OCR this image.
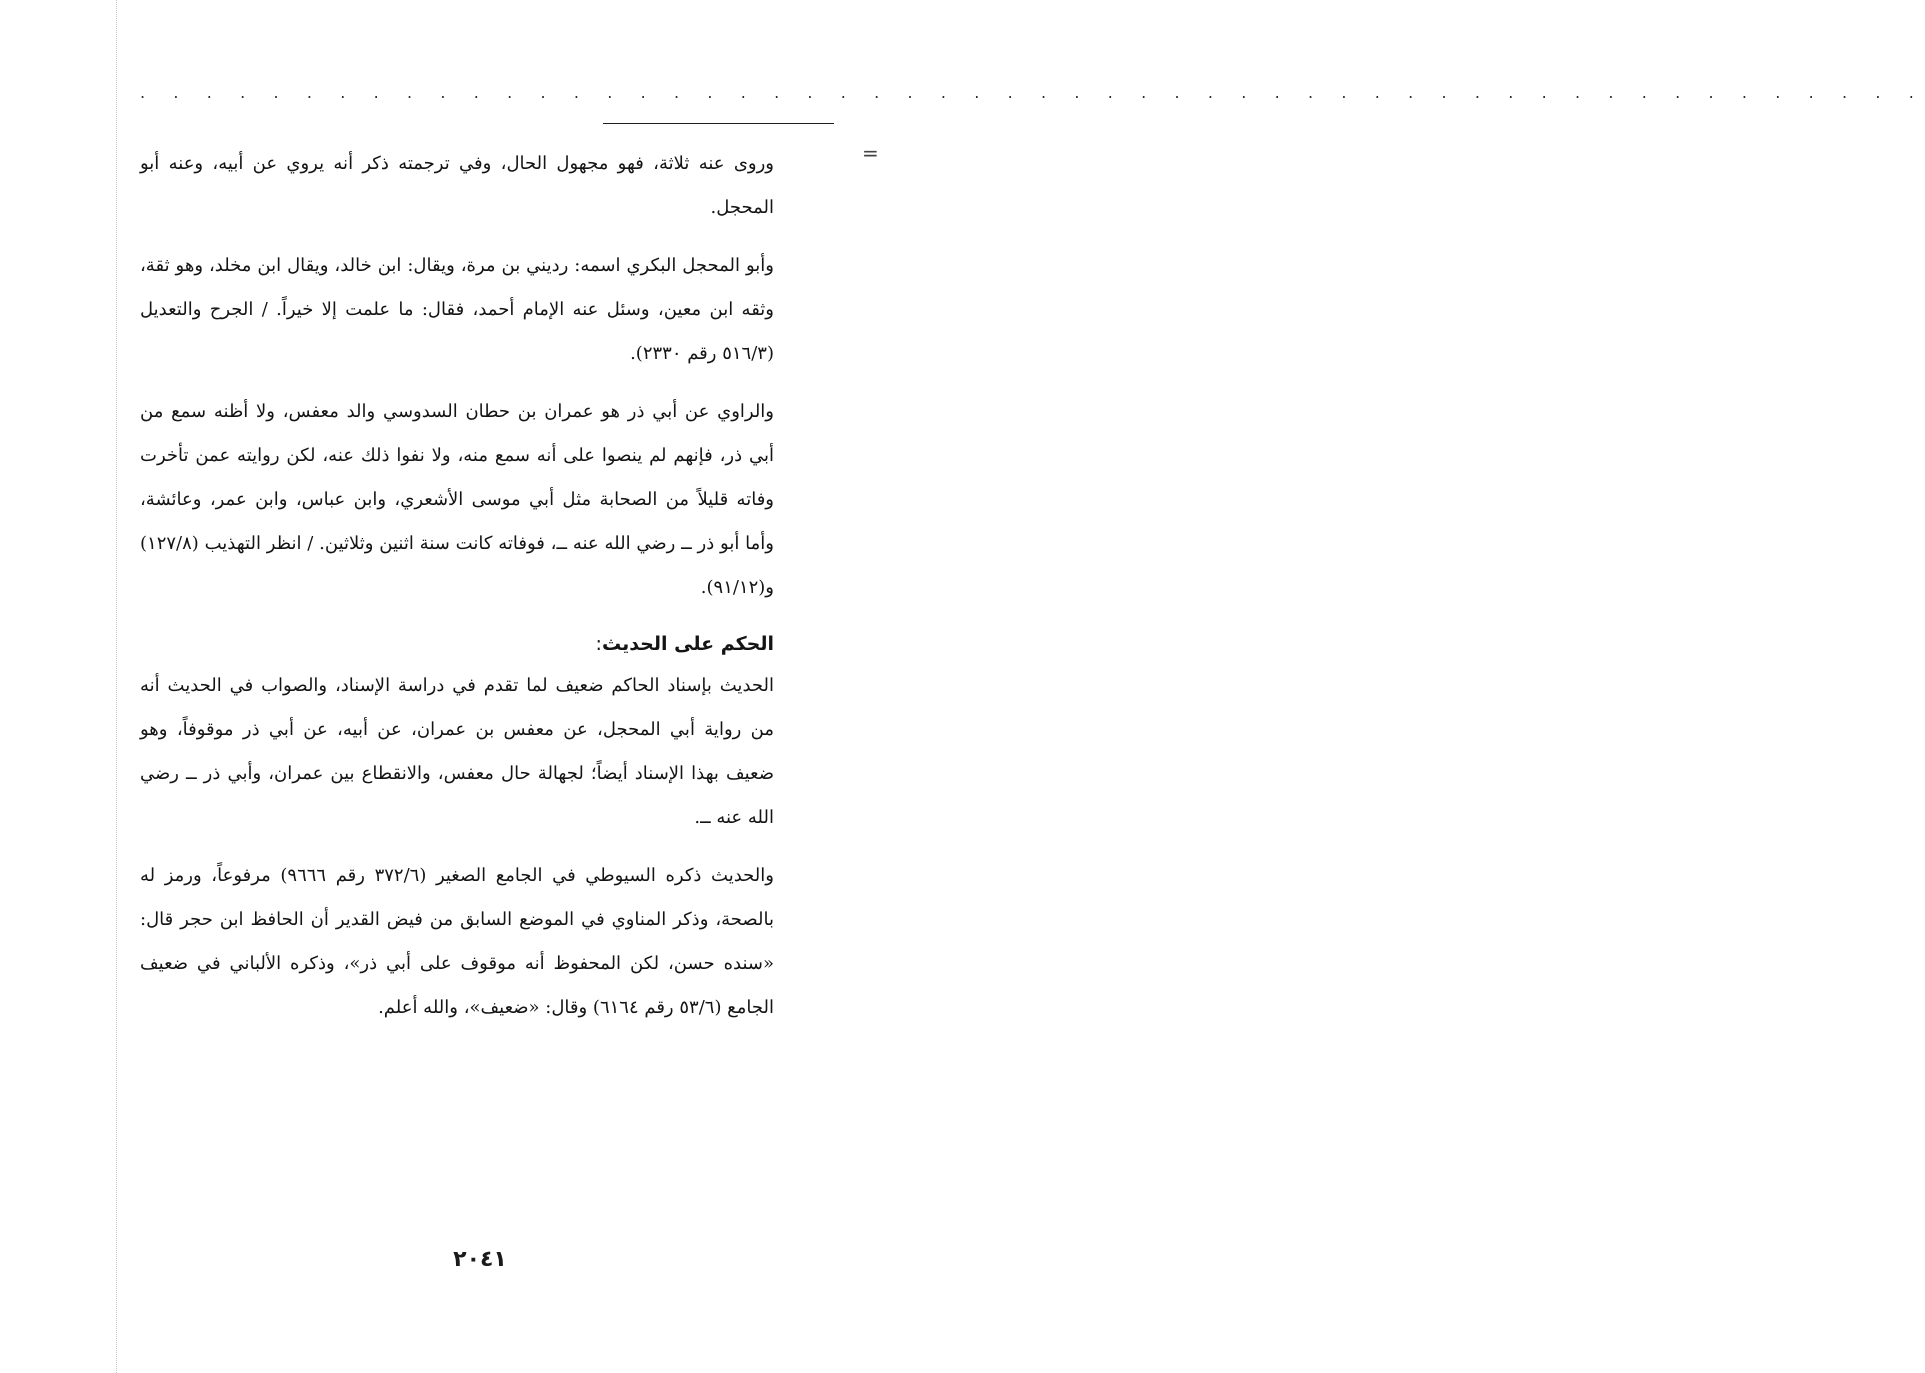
. . . . . . . . . . . . . . . . . . . . . . . . . . . . . . . . . . . . . . . . . . . . . . . . . . . . . .
=

وروى عنه ثلاثة، فهو مجهول الحال، وفي ترجمته ذكر أنه يروي عن أبيه، وعنه أبو المحجل.

وأبو المحجل البكري اسمه: رديني بن مرة، ويقال: ابن خالد، ويقال ابن مخلد، وهو ثقة، وثقه ابن معين، وسئل عنه الإمام أحمد، فقال: ما علمت إلا خيراً. / الجرح والتعديل (٥١٦/٣ رقم ٢٣٣٠).

والراوي عن أبي ذر هو عمران بن حطان السدوسي والد معفس، ولا أظنه سمع من أبي ذر، فإنهم لم ينصوا على أنه سمع منه، ولا نفوا ذلك عنه، لكن روايته عمن تأخرت وفاته قليلاً من الصحابة مثل أبي موسى الأشعري، وابن عباس، وابن عمر، وعائشة، وأما أبو ذر ــ رضي الله عنه ــ، فوفاته كانت سنة اثنين وثلاثين. / انظر التهذيب (١٢٧/٨) و(٩١/١٢).

الحكم على الحديث:

الحديث بإسناد الحاكم ضعيف لما تقدم في دراسة الإسناد، والصواب في الحديث أنه من رواية أبي المحجل، عن معفس بن عمران، عن أبيه، عن أبي ذر موقوفاً، وهو ضعيف بهذا الإسناد أيضاً؛ لجهالة حال معفس، والانقطاع بين عمران، وأبي ذر ــ رضي الله عنه ــ.

والحديث ذكره السيوطي في الجامع الصغير (٣٧٢/٦ رقم ٩٦٦٦) مرفوعاً، ورمز له بالصحة، وذكر المناوي في الموضع السابق من فيض القدير أن الحافظ ابن حجر قال: «سنده حسن، لكن المحفوظ أنه موقوف على أبي ذر»، وذكره الألباني في ضعيف الجامع (٥٣/٦ رقم ٦١٦٤) وقال: «ضعيف»، والله أعلم.

٢٠٤١
